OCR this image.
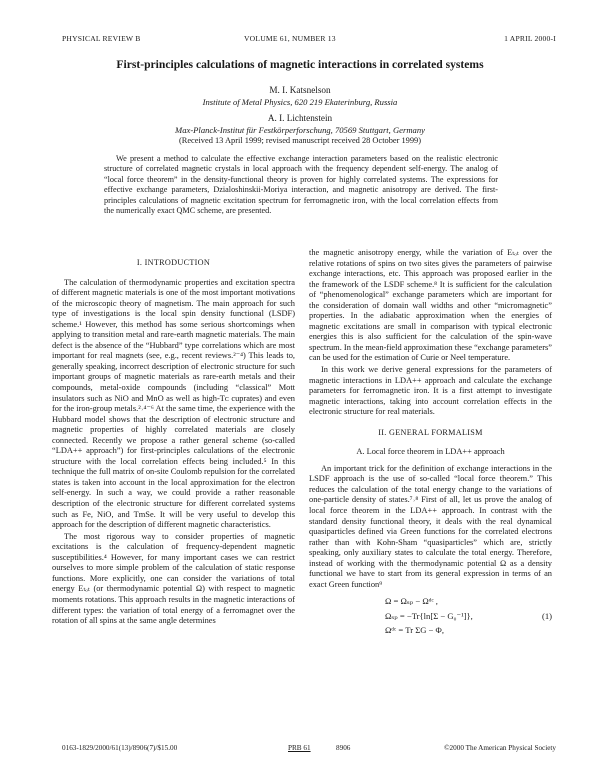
PHYSICAL REVIEW B	VOLUME 61, NUMBER 13	1 APRIL 2000-I
First-principles calculations of magnetic interactions in correlated systems
M. I. Katsnelson
Institute of Metal Physics, 620 219 Ekaterinburg, Russia
A. I. Lichtenstein
Max-Planck-Institut für Festkörperforschung, 70569 Stuttgart, Germany
(Received 13 April 1999; revised manuscript received 28 October 1999)
We present a method to calculate the effective exchange interaction parameters based on the realistic electronic structure of correlated magnetic crystals in local approach with the frequency dependent self-energy. The analog of “local force theorem” in the density-functional theory is proven for highly correlated systems. The expressions for effective exchange parameters, Dzialoshinskii-Moriya interaction, and magnetic anisotropy are derived. The first-principles calculations of magnetic excitation spectrum for ferromagnetic iron, with the local correlation effects from the numerically exact QMC scheme, are presented.
I. INTRODUCTION

The calculation of thermodynamic properties and excitation spectra of different magnetic materials is one of the most important motivations of the microscopic theory of magnetism. The main approach for such type of investigations is the local spin density functional (LSDF) scheme.¹ However, this method has some serious shortcomings when applying to transition metal and rare-earth magnetic materials. The main defect is the absence of the “Hubbard” type correlations which are most important for real magnets (see, e.g., recent reviews.²⁻⁴) This leads to, generally speaking, incorrect description of electronic structure for such important groups of magnetic materials as rare-earth metals and their compounds, metal-oxide compounds (including “classical” Mott insulators such as NiO and MnO as well as high-Tᴄ cuprates) and even for the iron-group metals.²˒⁴⁻⁶ At the same time, the experience with the Hubbard model shows that the description of electronic structure and magnetic properties of highly correlated materials are closely connected. Recently we propose a rather general scheme (so-called “LDA++ approach”) for first-principles calculations of the electronic structure with the local correlation effects being included.⁵ In this technique the full matrix of on-site Coulomb repulsion for the correlated states is taken into account in the local approximation for the electron self-energy. In such a way, we could provide a rather reasonable description of the electronic structure for different correlated systems such as Fe, NiO, and TmSe. It will be very useful to develop this approach for the description of different magnetic characteristics.

The most rigorous way to consider properties of magnetic excitations is the calculation of frequency-dependent magnetic susceptibilities.⁴ However, for many important cases we can restrict ourselves to more simple problem of the calculation of static response functions. More explicitly, one can consider the variations of total energy Eₜₒₜ (or thermodynamic potential Ω) with respect to magnetic moments rotations. This approach results in the magnetic interactions of different types: the variation of total energy of a ferromagnet over the rotation of all spins at the same angle determines

the magnetic anisotropy energy, while the variation of Eₜₒₜ over the relative rotations of spins on two sites gives the parameters of pairwise exchange interactions, etc. This approach was proposed earlier in the the framework of the LSDF scheme.⁸ It is sufficient for the calculation of “phenomenological” exchange parameters which are important for the consideration of domain wall widths and other “micromagnetic” properties. In the adiabatic approximation when the energies of magnetic excitations are small in comparison with typical electronic energies this is also sufficient for the calculation of the spin-wave spectrum. In the mean-field approximation these “exchange parameters” can be used for the estimation of Curie or Neel temperature.

In this work we derive general expressions for the parameters of magnetic interactions in LDA++ approach and calculate the exchange parameters for ferromagnetic iron. It is a first attempt to investigate magnetic interactions, taking into account correlation effects in the electronic structure for real materials.

II. GENERAL FORMALISM
A. Local force theorem in LDA++ approach

An important trick for the definition of exchange interactions in the LSDF approach is the use of so-called “local force theorem.” This reduces the calculation of the total energy change to the variations of one-particle density of states.⁷˒⁸ First of all, let us prove the analog of local force theorem in the LDA++ approach. In contrast with the standard density functional theory, it deals with the real dynamical quasiparticles defined via Green functions for the correlated electrons rather than with Kohn-Sham “quasiparticles” which are, strictly speaking, only auxiliary states to calculate the total energy. Therefore, instead of working with the thermodynamic potential Ω as a density functional we have to start from its general expression in terms of an exact Green function⁹

Ω = Ωₛₚ − Ωᵈᶜ ,
Ωₛₚ = −Tr{ln[Σ − G₀⁻¹]},	(1)
Ωᵈᶜ = Tr ΣG − Φ,
0163-1829/2000/61(13)/8906(7)/$15.00	PRB 61	8906	©2000 The American Physical Society
